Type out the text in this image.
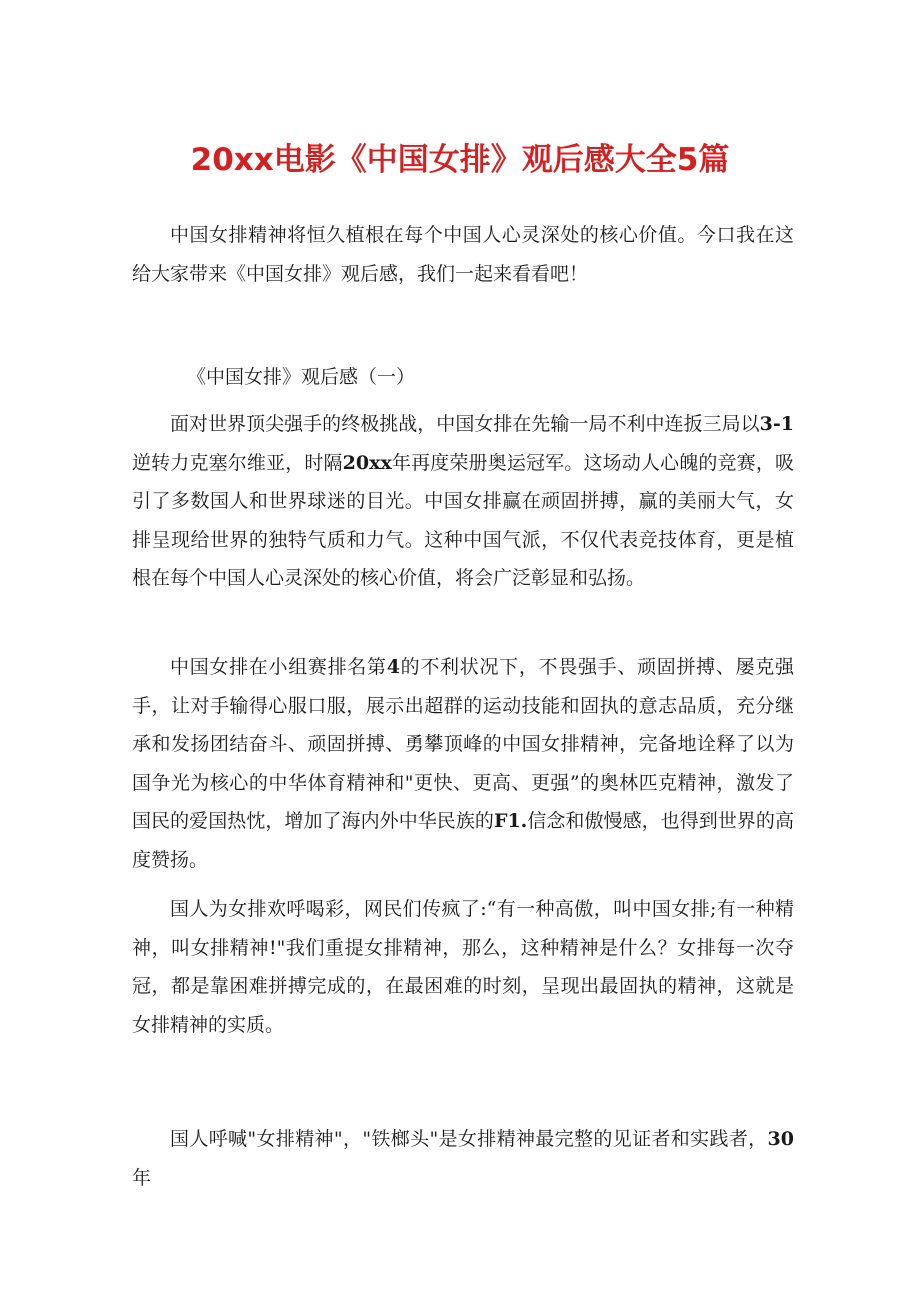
20xx电影《中国女排》观后感大全5篇
中国女排精神将恒久植根在每个中国人心灵深处的核心价值。今口我在这给大家带来《中国女排》观后感，我们一起来看看吧！
《中国女排》观后感（一）
面对世界顶尖强手的终极挑战，中国女排在先输一局不利中连扳三局以3-1逆转力克塞尔维亚，时隔20xx年再度荣册奥运冠军。这场动人心魄的竞赛，吸引了多数国人和世界球迷的目光。中国女排赢在顽固拼搏，赢的美丽大气，女排呈现给世界的独特气质和力气。这种中国气派，不仅代表竞技体育，更是植根在每个中国人心灵深处的核心价值，将会广泛彰显和弘扬。
中国女排在小组赛排名第4的不利状况下，不畏强手、顽固拼搏、屡克强手，让对手输得心服口服，展示出超群的运动技能和固执的意志品质，充分继承和发扬团结奋斗、顽固拼搏、勇攀顶峰的中国女排精神，完备地诠释了以为国争光为核心的中华体育精神和"更快、更高、更强”的奥林匹克精神，激发了国民的爱国热忱，增加了海内外中华民族的F1.信念和傲慢感，也得到世界的高度赞扬。
国人为女排欢呼喝彩，网民们传疯了:“有一种高傲，叫中国女排;有一种精神，叫女排精神!"我们重提女排精神，那么，这种精神是什么？女排每一次夺冠，都是靠困难拼搏完成的，在最困难的时刻，呈现出最固执的精神，这就是女排精神的实质。
国人呼喊"女排精神"，"铁榔头"是女排精神最完整的见证者和实践者，30年
